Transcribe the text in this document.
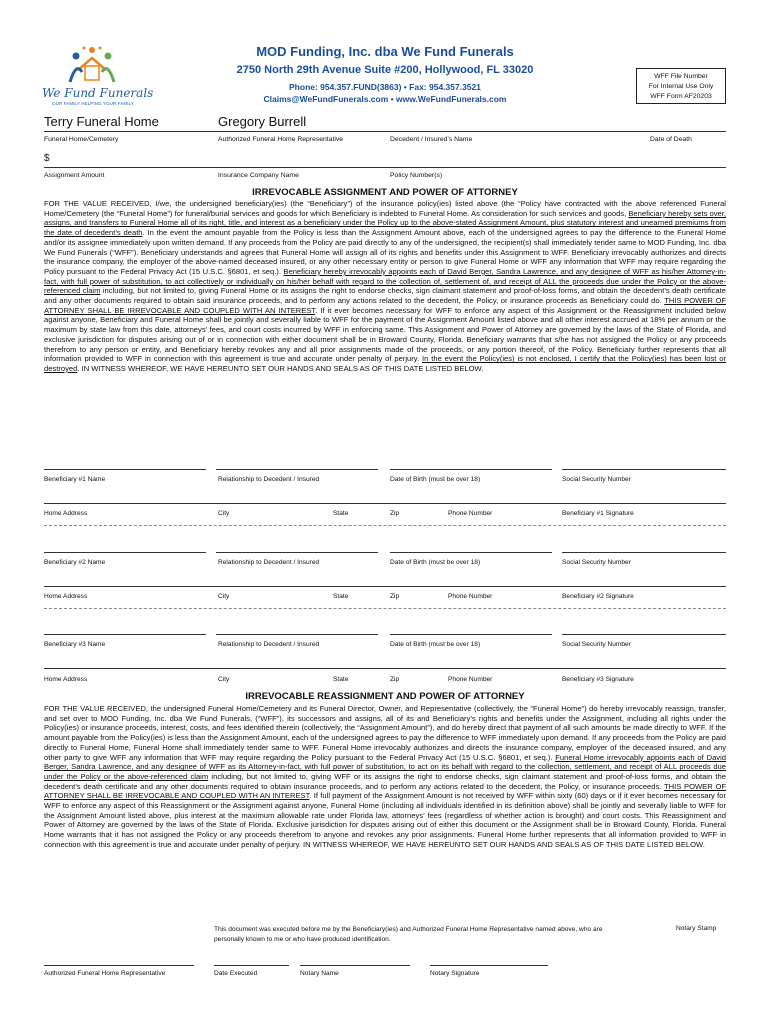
We Fund Funerals
OUR FAMILY HELPING YOUR FAMILY
MOD Funding, Inc. dba We Fund Funerals
2750 North 29th Avenue Suite #200, Hollywood, FL 33020
Phone: 954.357.FUND(3863) • Fax: 954.357.3521
Claims@WeFundFunerals.com • www.WeFundFunerals.com
WFF File Number
For Internal Use Only
WFF Form AF20203
Terry Funeral Home	Gregory Burrell
Funeral Home/Cemetery	Authorized Funeral Home Representative	Decedent / Insured’s Name	Date of Death
$
Assignment Amount	Insurance Company Name	Policy Number(s)
IRREVOCABLE ASSIGNMENT AND POWER OF ATTORNEY
FOR THE VALUE RECEIVED, I/we, the undersigned beneficiary(ies) (the “Beneficiary”) of the insurance policy(ies) listed above (the “Policy have contracted with the above referenced Funeral Home/Cemetery (the “Funeral Home”) for funeral/burial services and goods for which Beneficiary is indebted to Funeral Home. As consideration for such services and goods, Beneficiary hereby sets over, assigns, and transfers to Funeral Home all of its right, title, and interest as a beneficiary under the Policy up to the above-stated Assignment Amount, plus statutory interest and unearned premiums from the date of decedent’s death. In the event the amount payable from the Policy is less than the Assignment Amount above, each of the undersigned agrees to pay the difference to the Funeral Home and/or its assignee immediately upon written demand. If any proceeds from the Policy are paid directly to any of the undersigned, the recipient(s) shall immediately tender same to MOD Funding, Inc. dba We Fund Funerals (“WFF”). Beneficiary understands and agrees that Funeral Home will assign all of its rights and benefits under this Assignment to WFF. Beneficiary irrevocably authorizes and directs the insurance company, the employer of the above-named deceased insured, or any other necessary entity or person to give Funeral Home or WFF any information that WFF may require regarding the Policy pursuant to the Federal Privacy Act (15 U.S.C. §6801, et seq.). Beneficiary hereby irrevocably appoints each of David Berger, Sandra Lawrence, and any designee of WFF as his/her Attorney-in-fact, with full power of substitution, to act collectively or individually on his/her behalf with regard to the collection of, settlement of, and receipt of ALL the proceeds due under the Policy or the above-referenced claim including, but not limited to, giving Funeral Home or its assigns the right to endorse checks, sign claimant statement and proof-of-loss forms, and obtain the decedent’s death certificate and any other documents required to obtain said insurance proceeds, and to perform any actions related to the decedent, the Policy, or insurance proceeds as Beneficiary could do. THIS POWER OF ATTORNEY SHALL BE IRREVOCABLE AND COUPLED WITH AN INTEREST. If it ever becomes necessary for WFF to enforce any aspect of this Assignment or the Reassignment included below against anyone, Beneficiary and Funeral Home shall be jointly and severally liable to WFF for the payment of the Assignment Amount listed above and all other interest accrued at 18% per annum or the maximum by state law from this date, attorneys’ fees, and court costs incurred by WFF in enforcing same. This Assignment and Power of Attorney are governed by the laws of the State of Florida, and exclusive jurisdiction for disputes arising out of or in connection with either document shall be in Broward County, Florida. Beneficiary warrants that s/he has not assigned the Policy or any proceeds therefrom to any person or entity, and Beneficiary hereby revokes any and all prior assignments made of the proceeds, or any portion thereof, of the Policy. Beneficiary further represents that all information provided to WFF in connection with this agreement is true and accurate under penalty of perjury. In the event the Policy(ies) is not enclosed, I certify that the Policy(ies) has been lost or destroyed. IN WITNESS WHEREOF, WE HAVE HEREUNTO SET OUR HANDS AND SEALS AS OF THIS DATE LISTED BELOW.
Beneficiary #1 Name	Relationship to Decedent / Insured	Date of Birth (must be over 18)	Social Security Number
Home Address	City	State	Zip	Phone Number	Beneficiary #1 Signature
Beneficiary #2 Name	Relationship to Decedent / Insured	Date of Birth (must be over 18)	Social Security Number
Home Address	City	State	Zip	Phone Number	Beneficiary #2 Signature
Beneficiary #3 Name	Relationship to Decedent / Insured	Date of Birth (must be over 18)	Social Security Number
Home Address	City	State	Zip	Phone Number	Beneficiary #3 Signature
IRREVOCABLE REASSIGNMENT AND POWER OF ATTORNEY
FOR THE VALUE RECEIVED, the undersigned Funeral Home/Cemetery and its Funeral Director, Owner, and Representative (collectively, the “Funeral Home”) do hereby irrevocably reassign, transfer, and set over to MOD Funding, Inc. dba We Fund Funerals, (“WFF”), its successors and assigns, all of its and Beneficiary’s rights and benefits under the Assignment, including all rights under the Policy(ies) or insurance proceeds, interest, costs, and fees identified therein (collectively, the “Assignment Amount”), and do hereby direct that payment of all such amounts be made directly to WFF. If the amount payable from the Policy(ies) is less than the Assignment Amount, each of the undersigned agrees to pay the difference to WFF immediately upon demand. If any proceeds from the Policy are paid directly to Funeral Home, Funeral Home shall immediately tender same to WFF. Funeral Home irrevocably authorizes and directs the insurance company, employer of the deceased insured, and any other party to give WFF any information that WFF may require regarding the Policy pursuant to the Federal Privacy Act (15 U.S.C. §6801, et seq.). Funeral Home irrevocably appoints each of David Berger, Sandra Lawrence, and any designee of WFF as its Attorney-in-fact, with full power of substitution, to act on its behalf with regard to the collection, settlement, and receipt of ALL proceeds due under the Policy or the above-referenced claim including, but not limited to, giving WFF or its assigns the right to endorse checks, sign claimant statement and proof-of-loss forms, and obtain the decedent’s death certificate and any other documents required to obtain insurance proceeds, and to perform any actions related to the decedent, the Policy, or insurance proceeds. THIS POWER OF ATTORNEY SHALL BE IRREVOCABLE AND COUPLED WITH AN INTEREST. If full payment of the Assignment Amount is not received by WFF within sixty (60) days or if it ever becomes necessary for WFF to enforce any aspect of this Reassignment or the Assignment against anyone, Funeral Home (including all individuals identified in its definition above) shall be jointly and severally liable to WFF for the Assignment Amount listed above, plus interest at the maximum allowable rate under Florida law, attorneys’ fees (regardless of whether action is brought) and court costs. This Reassignment and Power of Attorney are governed by the laws of the State of Florida. Exclusive jurisdiction for disputes arising out of either this document or the Assignment shall be in Broward County, Florida. Funeral Home warrants that it has not assigned the Policy or any proceeds therefrom to anyone and revokes any prior assignments. Funeral Home further represents that all information provided to WFF in connection with this agreement is true and accurate under penalty of perjury. IN WITNESS WHEREOF, WE HAVE HEREUNTO SET OUR HANDS AND SEALS AS OF THIS DATE LISTED BELOW.
This document was executed before me by the Beneficiary(ies) and Authorized Funeral Home Representative named above, who are personally known to me or who have produced identification.
Notary Stamp
Authorized Funeral Home Representative	Date Executed	Notary Name	Notary Signature
